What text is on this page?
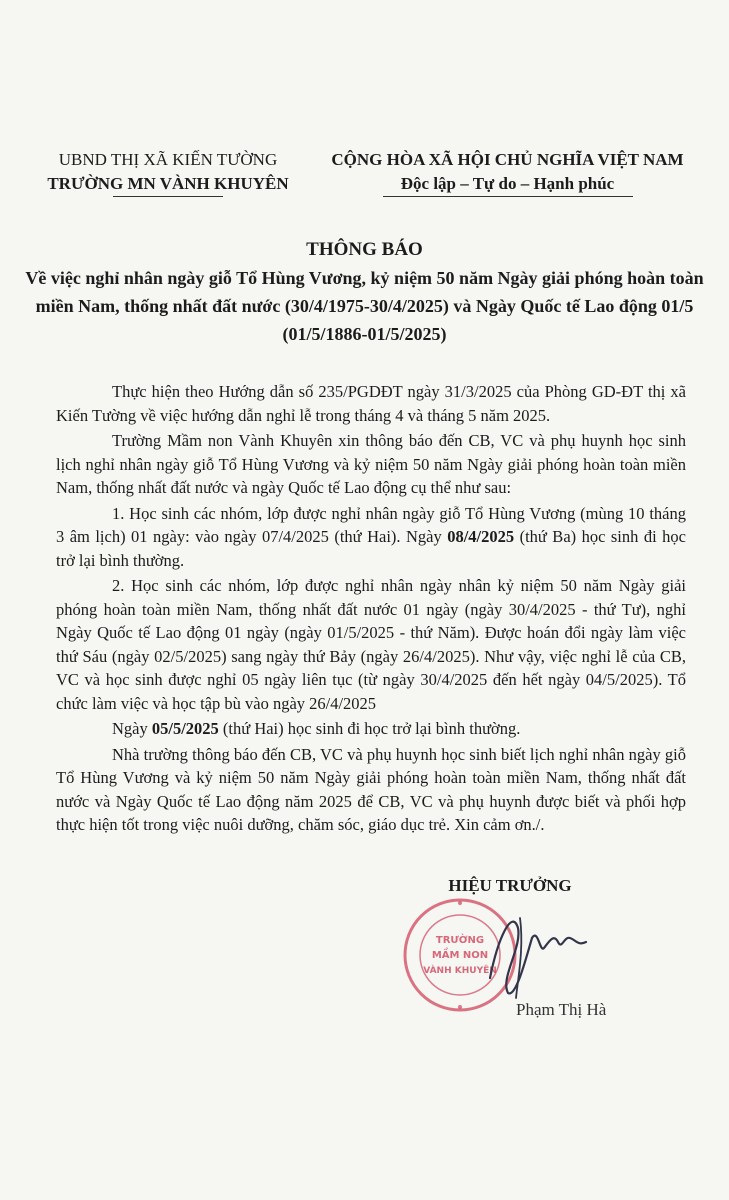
UBND THỊ XÃ KIẾN TƯỜNG
TRƯỜNG MN VÀNH KHUYÊN
CỘNG HÒA XÃ HỘI CHỦ NGHĨA VIỆT NAM
Độc lập – Tự do – Hạnh phúc
THÔNG BÁO
Về việc nghỉ nhân ngày giỗ Tổ Hùng Vương, kỷ niệm 50 năm Ngày giải phóng hoàn toàn miền Nam, thống nhất đất nước (30/4/1975-30/4/2025) và Ngày Quốc tế Lao động 01/5 (01/5/1886-01/5/2025)

Thực hiện theo Hướng dẫn số 235/PGDĐT ngày 31/3/2025 của Phòng GD-ĐT thị xã Kiến Tường về việc hướng dẫn nghỉ lễ trong tháng 4 và tháng 5 năm 2025.

Trường Mầm non Vành Khuyên xin thông báo đến CB, VC và phụ huynh học sinh lịch nghỉ nhân ngày giỗ Tổ Hùng Vương và kỷ niệm 50 năm Ngày giải phóng hoàn toàn miền Nam, thống nhất đất nước và ngày Quốc tế Lao động cụ thể như sau:

1. Học sinh các nhóm, lớp được nghỉ nhân ngày giỗ Tổ Hùng Vương (mùng 10 tháng 3 âm lịch) 01 ngày: vào ngày 07/4/2025 (thứ Hai). Ngày 08/4/2025 (thứ Ba) học sinh đi học trở lại bình thường.

2. Học sinh các nhóm, lớp được nghỉ nhân ngày nhân kỷ niệm 50 năm Ngày giải phóng hoàn toàn miền Nam, thống nhất đất nước 01 ngày (ngày 30/4/2025 - thứ Tư), nghỉ Ngày Quốc tế Lao động 01 ngày (ngày 01/5/2025 - thứ Năm). Được hoán đổi ngày làm việc thứ Sáu (ngày 02/5/2025) sang ngày thứ Bảy (ngày 26/4/2025). Như vậy, việc nghỉ lễ của CB, VC và học sinh được nghỉ 05 ngày liên tục (từ ngày 30/4/2025 đến hết ngày 04/5/2025). Tổ chức làm việc và học tập bù vào ngày 26/4/2025

Ngày 05/5/2025 (thứ Hai) học sinh đi học trở lại bình thường.

Nhà trường thông báo đến CB, VC và phụ huynh học sinh biết lịch nghỉ nhân ngày giỗ Tổ Hùng Vương và kỷ niệm 50 năm Ngày giải phóng hoàn toàn miền Nam, thống nhất đất nước và Ngày Quốc tế Lao động năm 2025 để CB, VC và phụ huynh được biết và phối hợp thực hiện tốt trong việc nuôi dưỡng, chăm sóc, giáo dục trẻ. Xin cảm ơn./.

HIỆU TRƯỞNG
TRƯỜNG
MẦM NON
VÀNH KHUYÊN
Phạm Thị Hà
